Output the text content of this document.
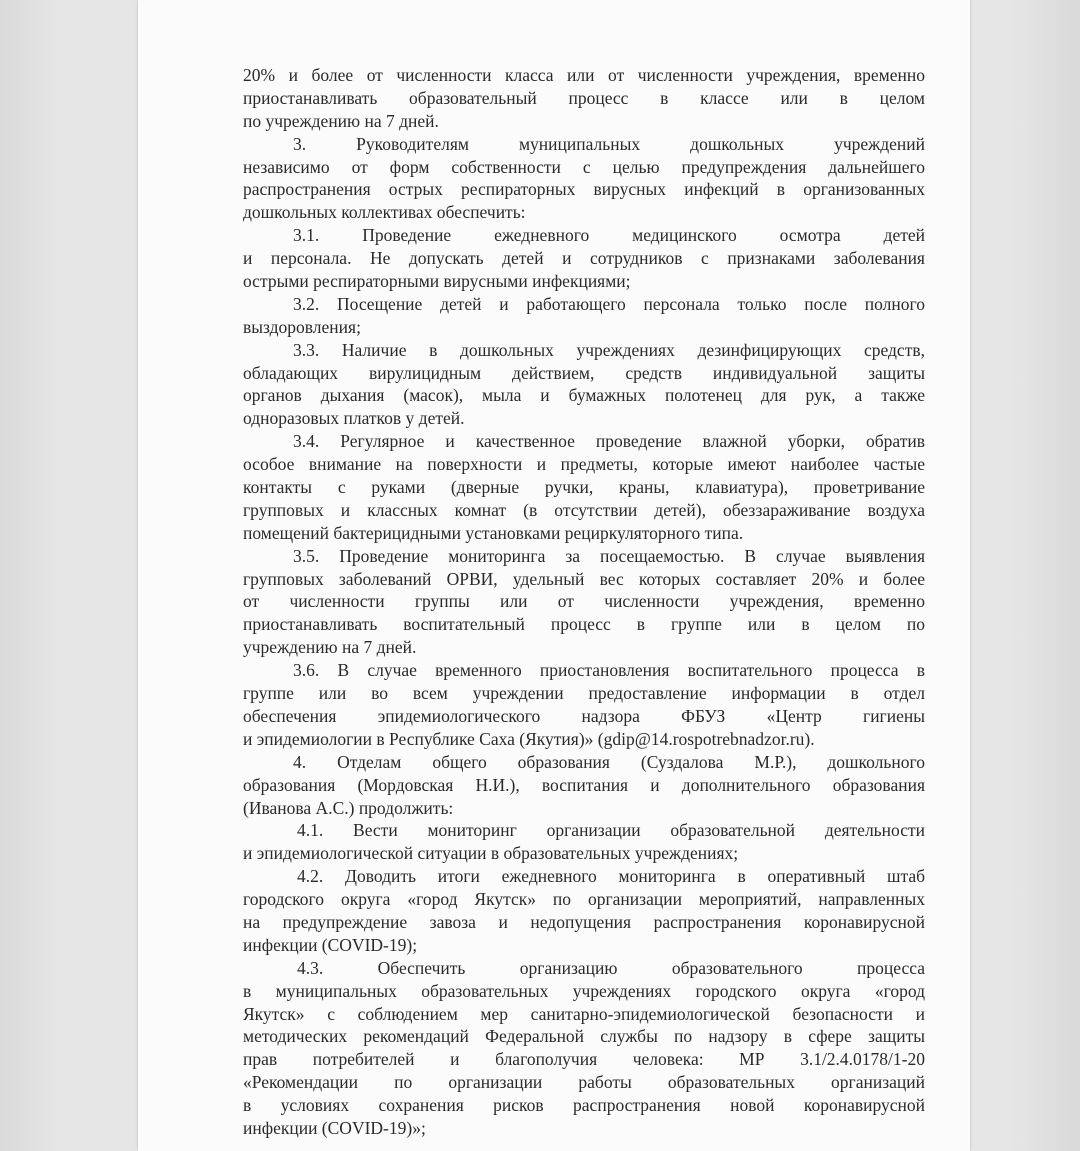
20% и более от численности класса или от численности учреждения, временно
приостанавливать образовательный процесс в классе или в целом
по учреждению на 7 дней.
3. Руководителям муниципальных дошкольных учреждений
независимо от форм собственности с целью предупреждения дальнейшего
распространения острых респираторных вирусных инфекций в организованных
дошкольных коллективах обеспечить:
3.1. Проведение ежедневного медицинского осмотра детей
и персонала. Не допускать детей и сотрудников с признаками заболевания
острыми респираторными вирусными инфекциями;
3.2. Посещение детей и работающего персонала только после полного
выздоровления;
3.3. Наличие в дошкольных учреждениях дезинфицирующих средств,
обладающих вирулицидным действием, средств индивидуальной защиты
органов дыхания (масок), мыла и бумажных полотенец для рук, а также
одноразовых платков у детей.
3.4. Регулярное и качественное проведение влажной уборки, обратив
особое внимание на поверхности и предметы, которые имеют наиболее частые
контакты с руками (дверные ручки, краны, клавиатура), проветривание
групповых и классных комнат (в отсутствии детей), обеззараживание воздуха
помещений бактерицидными установками рециркуляторного типа.
3.5. Проведение мониторинга за посещаемостью. В случае выявления
групповых заболеваний ОРВИ, удельный вес которых составляет 20% и более
от численности группы или от численности учреждения, временно
приостанавливать воспитательный процесс в группе или в целом по
учреждению на 7 дней.
3.6. В случае временного приостановления воспитательного процесса в
группе или во всем учреждении предоставление информации в отдел
обеспечения эпидемиологического надзора ФБУЗ «Центр гигиены
и эпидемиологии в Республике Саха (Якутия)» (gdip@14.rospotrebnadzor.ru).
4. Отделам общего образования (Суздалова М.Р.), дошкольного
образования (Мордовская Н.И.), воспитания и дополнительного образования
(Иванова А.С.) продолжить:
4.1. Вести мониторинг организации образовательной деятельности
и эпидемиологической ситуации в образовательных учреждениях;
4.2. Доводить итоги ежедневного мониторинга в оперативный штаб
городского округа «город Якутск» по организации мероприятий, направленных
на предупреждение завоза и недопущения распространения коронавирусной
инфекции (COVID-19);
4.3. Обеспечить организацию образовательного процесса
в муниципальных образовательных учреждениях городского округа «город
Якутск» с соблюдением мер санитарно-эпидемиологической безопасности и
методических рекомендаций Федеральной службы по надзору в сфере защиты
прав потребителей и благополучия человека: МР 3.1/2.4.0178/1-20
«Рекомендации по организации работы образовательных организаций
в условиях сохранения рисков распространения новой коронавирусной
инфекции (COVID-19)»;
